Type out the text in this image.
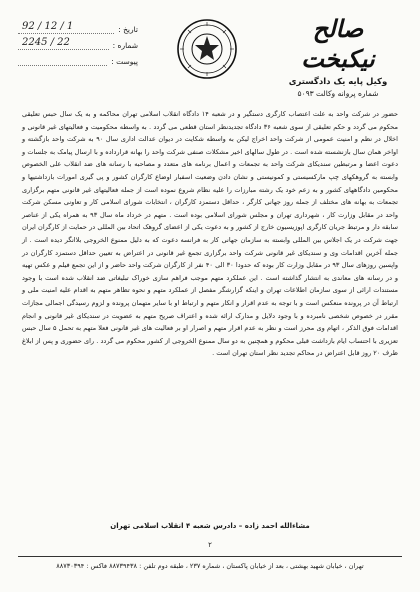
صالح نیکبخت
وکیل پایه یک دادگستری
شماره پروانه وکالت ۵۰۹۳
تاریخ :
92 / 12 / 1
شماره :
2245 / 22
پیوست :
حضور در شرکت واحد به علت اعتصاب کارگری دستگیر و در شعبه ۱۴ دادگاه انقلاب اسلامی تهران محاکمه و به یک سال حبس تعلیقی محکوم می گردد و حکم تعلیقی از سوی شعبه ۳۶ دادگاه تجدیدنظر استان قطعی می گردد . به واسطه محکومیت و فعالیتهای غیر قانونی و اخلال در نظم و امنیت عمومی از شرکت واحد اخراج لیکن به واسطه شکایت در دیوان عدالت اداری سال ۹۰ به شرکت واحد بازگشته و اواخر همان سال بازنشسته شده است . در طول سالهای اخیر مشکلات صنفی شرکت واحد را بهانه قرارداده و با ارسال پیامک به جلسات و دعوت اعضا و مرتبطین سندیکای شرکت واحد به تجمعات و اعمال برنامه های متعدد و مصاحبه با رسانه های ضد انقلاب علی الخصوص وابسته به گروهکهای چپ مارکسیستی و کمونیستی و نشان دادن وضعیت اسفبار اوضاع کارگران کشور و پی گیری امورات بازداشتیها و محکومین دادگاههای کشور و به زعم خود یک رشته مبارزات را علیه نظام شروع نموده است از جمله فعالیتهای غیر قانونی متهم برگزاری تجمعات به بهانه های مختلف از جمله روز جهانی کارگر ، حداقل دستمزد کارگران ، انتخابات شورای اسلامی کار و تعاونی مسکن شرکت واحد در مقابل وزارت کار ، شهرداری تهران و مجلس شورای اسلامی بوده است . متهم در خرداد ماه سال ۹۳ به همراه یکی از عناصر سابقه دار و مرتبط جریان کارگری اپوزیسیون خارج از کشور و به دعوت یکی از اعضای گروهک اتحاد بین المللی در حمایت از کارگران ایران جهت شرکت در یک اجلاس بین المللی وابسته به سازمان جهانی کار به فرانسه دعوت که به دلیل ممنوع الخروجی بلاانگر دیده است . از جمله آخرین اقدامات وی و سندیکای غیر قانونی شرکت واحد برگزاری تجمع غیر قانونی در اعتراض به تعیین حداقل دستمزد کارگران در واپسین روزهای سال ۹۳ در مقابل وزارت کار بوده که حدودا ۳۰ الی ۴۰ نفر از کارگران شرکت واحد حاضر و از این تجمع فیلم و عکس تهیه و در رسانه های معاندی به انتشار گذاشته است . این عملکرد متهم موجب فراهم سازی خوراک تبلیغاتی ضد انقلاب شده است با وجود مستندات ارائی از سوی سازمان اطلاعات تهران و اینکه گزارشگر مفصل از عملکرد متهم و نحوه تظاهر متهم به اقدام علیه امنیت ملی و ارتباط آن در پرونده منعکس است و با توجه به عدم اقرار و انکار متهم و ارتباط او با سایر متهمان پرونده و لزوم رسیدگی اجمالی مجازات مقرر در خصوص شخصی نامبرده و با وجود دلایل و مدارک ارائه شده و اعتراف صریح متهم به عضویت در سندیکای غیر قانونی و انجام اقدامات فوق الذکر ، اتهام وی محرز است و نظر به عدم اقرار متهم و اصرار او بر فعالیت های غیر قانونی فعلا متهم به تحمل ۵ سال حبس تعزیری با احتساب ایام بازداشت قبلی محکوم و همچنین به دو سال ممنوع الخروجی از کشور محکوم می گردد . رای حضوری و پس از ابلاغ ظرف ۲۰ روز قابل اعتراض در محاکم تجدید نظر استان تهران است .
مشاءالله احمد زاده – دادرس شعبه ۴ انقلاب اسلامی تهران
۲
تهران ، خیابان شهید بهشتی ، بعد از خیابان پاکستان ، شماره ۲۳۷ ، طبقه دوم تلفن : ۸۸۷۳۹۴۳۸ فاکس : ۸۸۷۳۰۳۹۴
